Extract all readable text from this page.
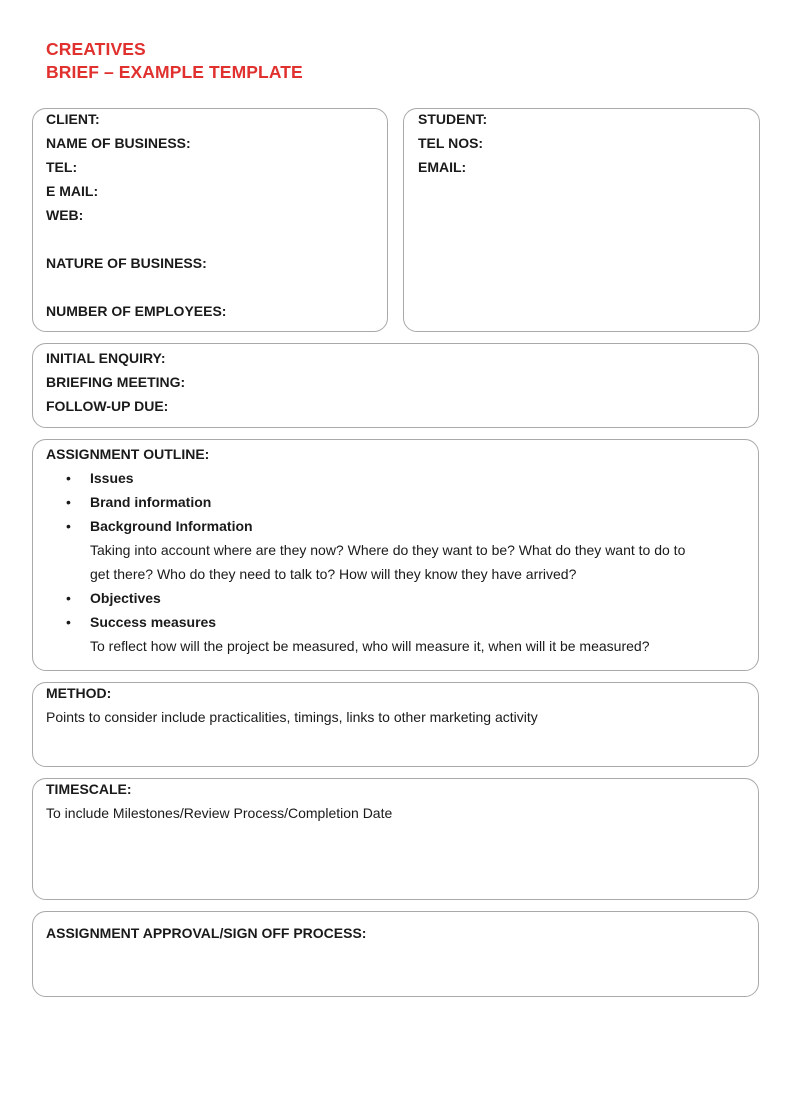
CREATIVES
BRIEF – EXAMPLE TEMPLATE
CLIENT:
NAME OF BUSINESS:
TEL:
E MAIL:
WEB:
NATURE OF BUSINESS:
NUMBER OF EMPLOYEES:
STUDENT:
TEL NOS:
EMAIL:
INITIAL ENQUIRY:
BRIEFING MEETING:
FOLLOW-UP DUE:
ASSIGNMENT OUTLINE:
• Issues
• Brand information
• Background Information
Taking into account where are they now? Where do they want to be? What do they want to do to
get there? Who do they need to talk to? How will they know they have arrived?
• Objectives
• Success measures
To reflect how will the project be measured, who will measure it, when will it be measured?
METHOD:
Points to consider include practicalities, timings, links to other marketing activity
TIMESCALE:
To include Milestones/Review Process/Completion Date
ASSIGNMENT APPROVAL/SIGN OFF PROCESS:
